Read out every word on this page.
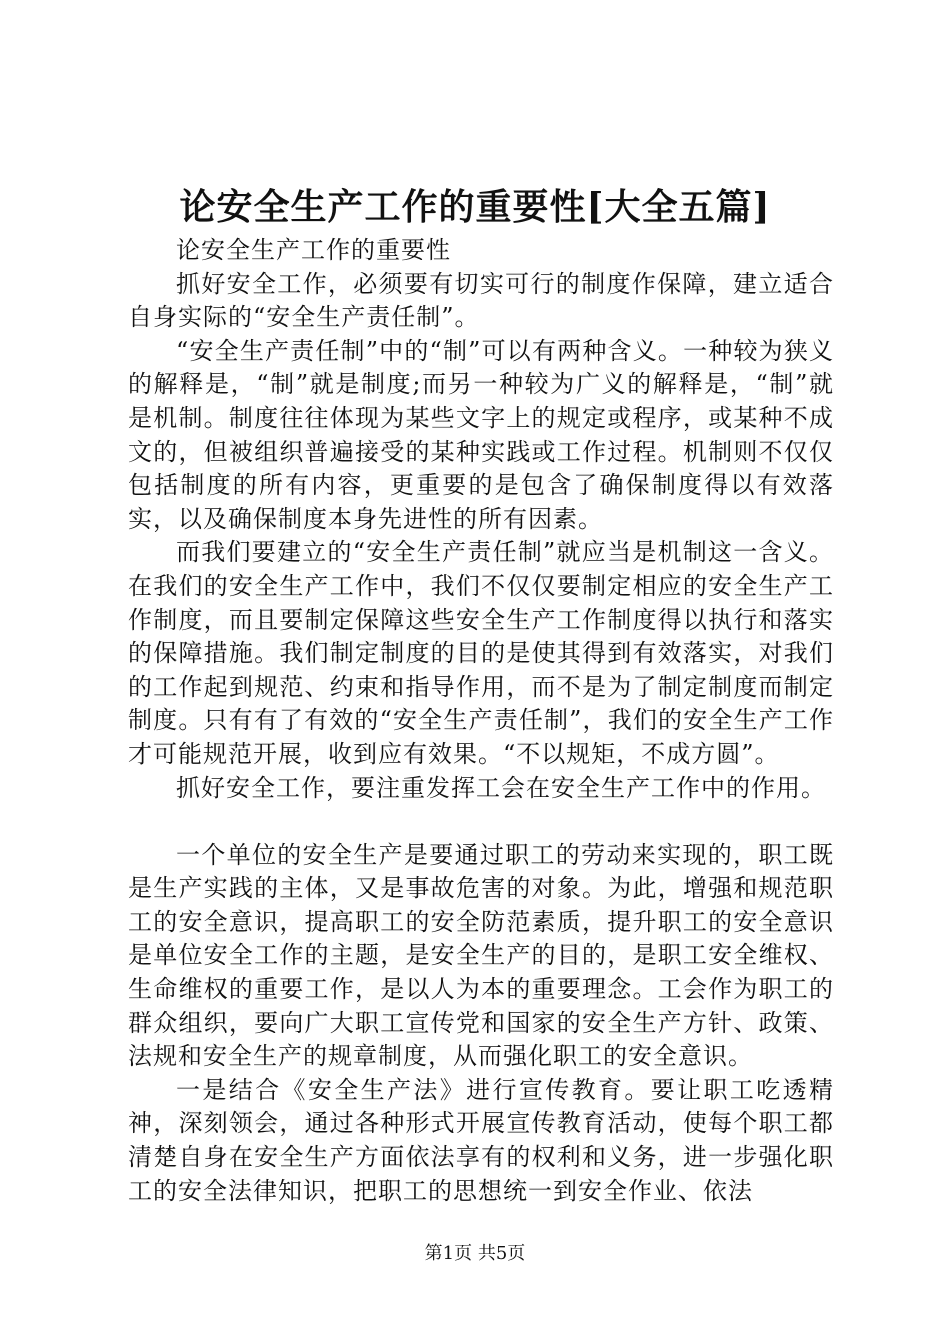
论安全生产工作的重要性[大全五篇]

论安全生产工作的重要性

抓好安全工作，必须要有切实可行的制度作保障，建立适合自身实际的“安全生产责任制”。

“安全生产责任制”中的“制”可以有两种含义。一种较为狭义的解释是，“制”就是制度;而另一种较为广义的解释是，“制”就是机制。制度往往体现为某些文字上的规定或程序，或某种不成文的，但被组织普遍接受的某种实践或工作过程。机制则不仅仅包括制度的所有内容，更重要的是包含了确保制度得以有效落实，以及确保制度本身先进性的所有因素。

而我们要建立的“安全生产责任制”就应当是机制这一含义。在我们的安全生产工作中，我们不仅仅要制定相应的安全生产工作制度，而且要制定保障这些安全生产工作制度得以执行和落实的保障措施。我们制定制度的目的是使其得到有效落实，对我们的工作起到规范、约束和指导作用，而不是为了制定制度而制定制度。只有有了有效的“安全生产责任制”，我们的安全生产工作才可能规范开展，收到应有效果。“不以规矩，不成方圆”。

抓好安全工作，要注重发挥工会在安全生产工作中的作用。

一个单位的安全生产是要通过职工的劳动来实现的，职工既是生产实践的主体，又是事故危害的对象。为此，增强和规范职工的安全意识，提高职工的安全防范素质，提升职工的安全意识是单位安全工作的主题，是安全生产的目的，是职工安全维权、生命维权的重要工作，是以人为本的重要理念。工会作为职工的群众组织，要向广大职工宣传党和国家的安全生产方针、政策、法规和安全生产的规章制度，从而强化职工的安全意识。

一是结合《安全生产法》进行宣传教育。要让职工吃透精神，深刻领会，通过各种形式开展宣传教育活动，使每个职工都清楚自身在安全生产方面依法享有的权利和义务，进一步强化职工的安全法律知识，把职工的思想统一到安全作业、依法

第1页 共5页
